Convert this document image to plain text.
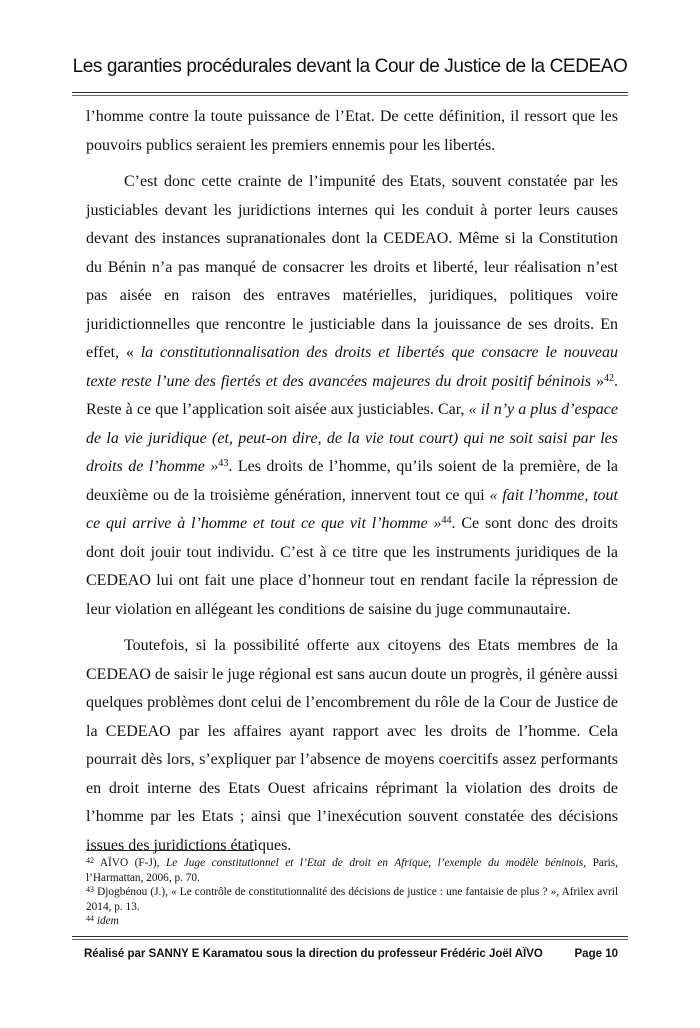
Les garanties procédurales devant la Cour de Justice de la CEDEAO

l’homme contre la toute puissance de l’Etat. De cette définition, il ressort que les pouvoirs publics seraient les premiers ennemis pour les libertés.

C’est donc cette crainte de l’impunité des Etats, souvent constatée par les justiciables devant les juridictions internes qui les conduit à porter leurs causes devant des instances supranationales dont la CEDEAO. Même si la Constitution du Bénin n’a pas manqué de consacrer les droits et liberté, leur réalisation n’est pas aisée en raison des entraves matérielles, juridiques, politiques voire juridictionnelles que rencontre le justiciable dans la jouissance de ses droits. En effet, « la constitutionnalisation des droits et libertés que consacre le nouveau texte reste l’une des fiertés et des avancées majeures du droit positif béninois »$^{42}$. Reste à ce que l’application soit aisée aux justiciables. Car, « il n’y a plus d’espace de la vie juridique (et, peut-on dire, de la vie tout court) qui ne soit saisi par les droits de l’homme »$^{43}$. Les droits de l’homme, qu’ils soient de la première, de la deuxième ou de la troisième génération, innervent tout ce qui « fait l’homme, tout ce qui arrive à l’homme et tout ce que vit l’homme »$^{44}$. Ce sont donc des droits dont doit jouir tout individu. C’est à ce titre que les instruments juridiques de la CEDEAO lui ont fait une place d’honneur tout en rendant facile la répression de leur violation en allégeant les conditions de saisine du juge communautaire.

Toutefois, si la possibilité offerte aux citoyens des Etats membres de la CEDEAO de saisir le juge régional est sans aucun doute un progrès, il génère aussi quelques problèmes dont celui de l’encombrement du rôle de la Cour de Justice de la CEDEAO par les affaires ayant rapport avec les droits de l’homme. Cela pourrait dès lors, s’expliquer par l’absence de moyens coercitifs assez performants en droit interne des Etats Ouest africains réprimant la violation des droits de l’homme par les Etats ; ainsi que l’inexécution souvent constatée des décisions issues des juridictions étatiques.

$^{42}$ AÏVO (F-J), Le Juge constitutionnel et l’Etat de droit en Afrique, l’exemple du modèle béninois, Paris, l’Harmattan, 2006, p. 70.

$^{43}$ Djogbénou (J.), « Le contrôle de constitutionnalité des décisions de justice : une fantaisie de plus ? », Afrilex avril 2014, p. 13.

$^{44}$ idem

Réalisé par SANNY E Karamatou sous la direction du professeur Frédéric Joël AÏVO	Page 10
